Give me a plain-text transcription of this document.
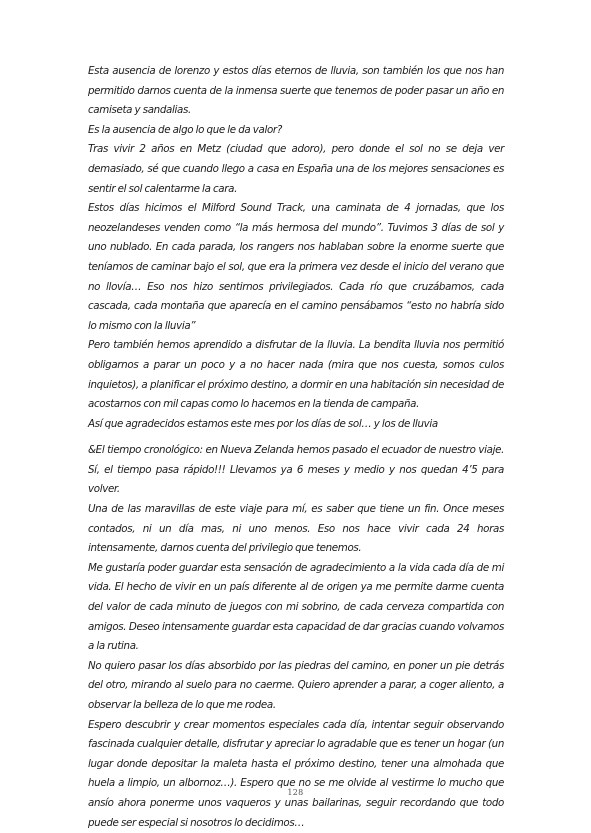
Esta ausencia de lorenzo y estos días eternos de lluvia, son también los que nos han permitido darnos cuenta de la inmensa suerte que tenemos de poder pasar un año en camiseta y sandalias.

Es la ausencia de algo lo que le da valor?

Tras vivir 2 años en Metz (ciudad que adoro), pero donde el sol no se deja ver demasiado, sé que cuando llego a casa en España una de los mejores sensaciones es sentir el sol calentarme la cara.

Estos días hicimos el Milford Sound Track, una caminata de 4 jornadas, que los neozelandeses venden como “la más hermosa del mundo”. Tuvimos 3 días de sol y uno nublado. En cada parada, los rangers nos hablaban sobre la enorme suerte que teníamos de caminar bajo el sol, que era la primera vez desde el inicio del verano que no llovía… Eso nos hizo sentirnos privilegiados. Cada río que cruzábamos, cada cascada, cada montaña que aparecía en el camino pensábamos “esto no habría sido lo mismo con la lluvia”

Pero también hemos aprendido a disfrutar de la lluvia. La bendita lluvia nos permitió obligarnos a parar un poco y a no hacer nada (mira que nos cuesta, somos culos inquietos), a planificar el próximo destino, a dormir en una habitación sin necesidad de acostarnos con mil capas como lo hacemos en la tienda de campaña.

Así que agradecidos estamos este mes por los días de sol… y los de lluvia

&El tiempo cronológico: en Nueva Zelanda hemos pasado el ecuador de nuestro viaje. Sí, el tiempo pasa rápido!!! Llevamos ya 6 meses y medio y nos quedan 4’5 para volver.

Una de las maravillas de este viaje para mí, es saber que tiene un fin. Once meses contados, ni un día mas, ni uno menos. Eso nos hace vivir cada 24 horas intensamente, darnos cuenta del privilegio que tenemos.

Me gustaría poder guardar esta sensación de agradecimiento a la vida cada día de mi vida. El hecho de vivir en un país diferente al de origen ya me permite darme cuenta del valor de cada minuto de juegos con mi sobrino, de cada cerveza compartida con amigos. Deseo intensamente guardar esta capacidad de dar gracias cuando volvamos a la rutina.

No quiero pasar los días absorbido por las piedras del camino, en poner un pie detrás del otro, mirando al suelo para no caerme. Quiero aprender a parar, a coger aliento, a observar la belleza de lo que me rodea.

Espero descubrir y crear momentos especiales cada día, intentar seguir observando fascinada cualquier detalle, disfrutar y apreciar lo agradable que es tener un hogar (un lugar donde depositar la maleta hasta el próximo destino, tener una almohada que huela a limpio, un albornoz…). Espero que no se me olvide al vestirme lo mucho que ansío ahora ponerme unos vaqueros y unas bailarinas, seguir recordando que todo puede ser especial si nosotros lo decidimos…

128
